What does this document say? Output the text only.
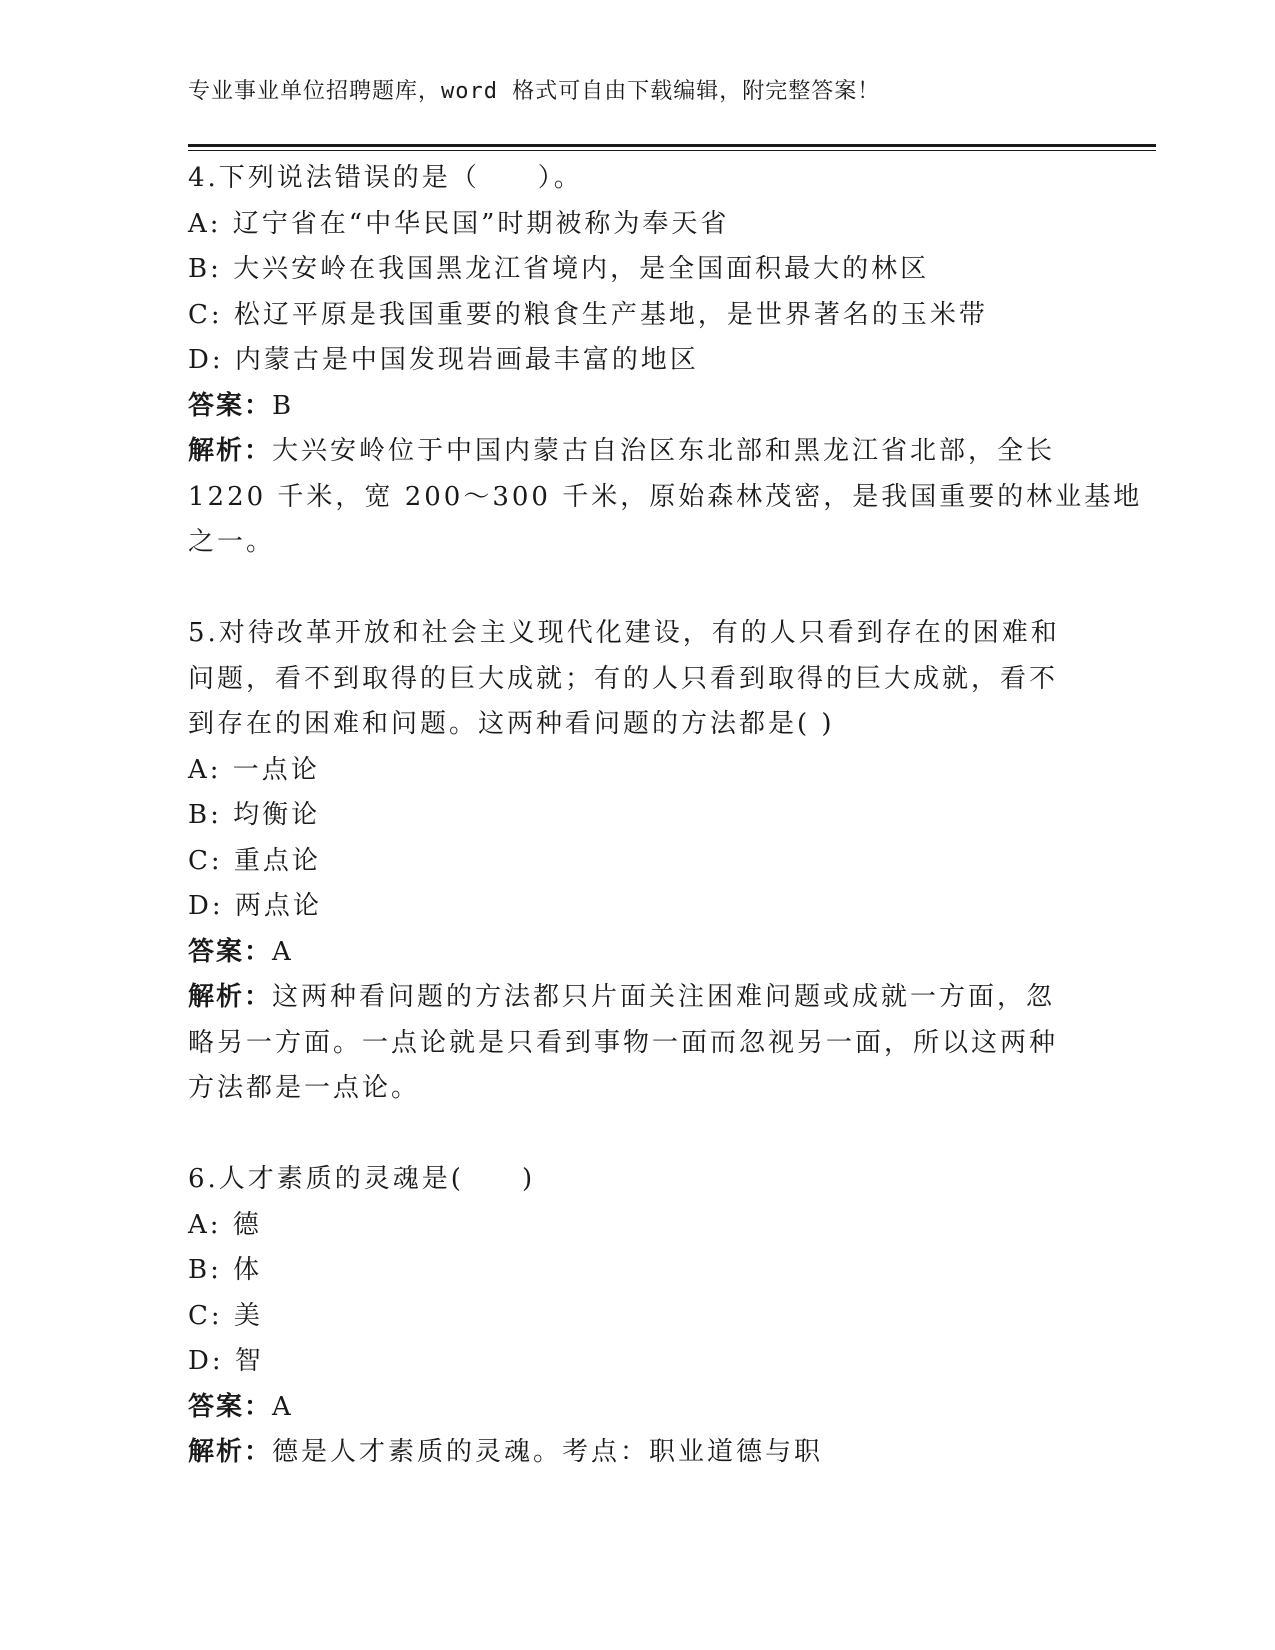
专业事业单位招聘题库，word 格式可自由下载编辑，附完整答案！
4.下列说法错误的是（　　）。
A: 辽宁省在“中华民国”时期被称为奉天省
B: 大兴安岭在我国黑龙江省境内，是全国面积最大的林区
C: 松辽平原是我国重要的粮食生产基地，是世界著名的玉米带
D: 内蒙古是中国发现岩画最丰富的地区
答案：B
解析：大兴安岭位于中国内蒙古自治区东北部和黑龙江省北部，全长
1220 千米，宽 200～300 千米，原始森林茂密，是我国重要的林业基地
之一。
5.对待改革开放和社会主义现代化建设，有的人只看到存在的困难和
问题，看不到取得的巨大成就；有的人只看到取得的巨大成就，看不
到存在的困难和问题。这两种看问题的方法都是( )
A: 一点论
B: 均衡论
C: 重点论
D: 两点论
答案：A
解析：这两种看问题的方法都只片面关注困难问题或成就一方面，忽
略另一方面。一点论就是只看到事物一面而忽视另一面，所以这两种
方法都是一点论。
6.人才素质的灵魂是(　　)
A: 德
B: 体
C: 美
D: 智
答案：A
解析：德是人才素质的灵魂。考点：职业道德与职
